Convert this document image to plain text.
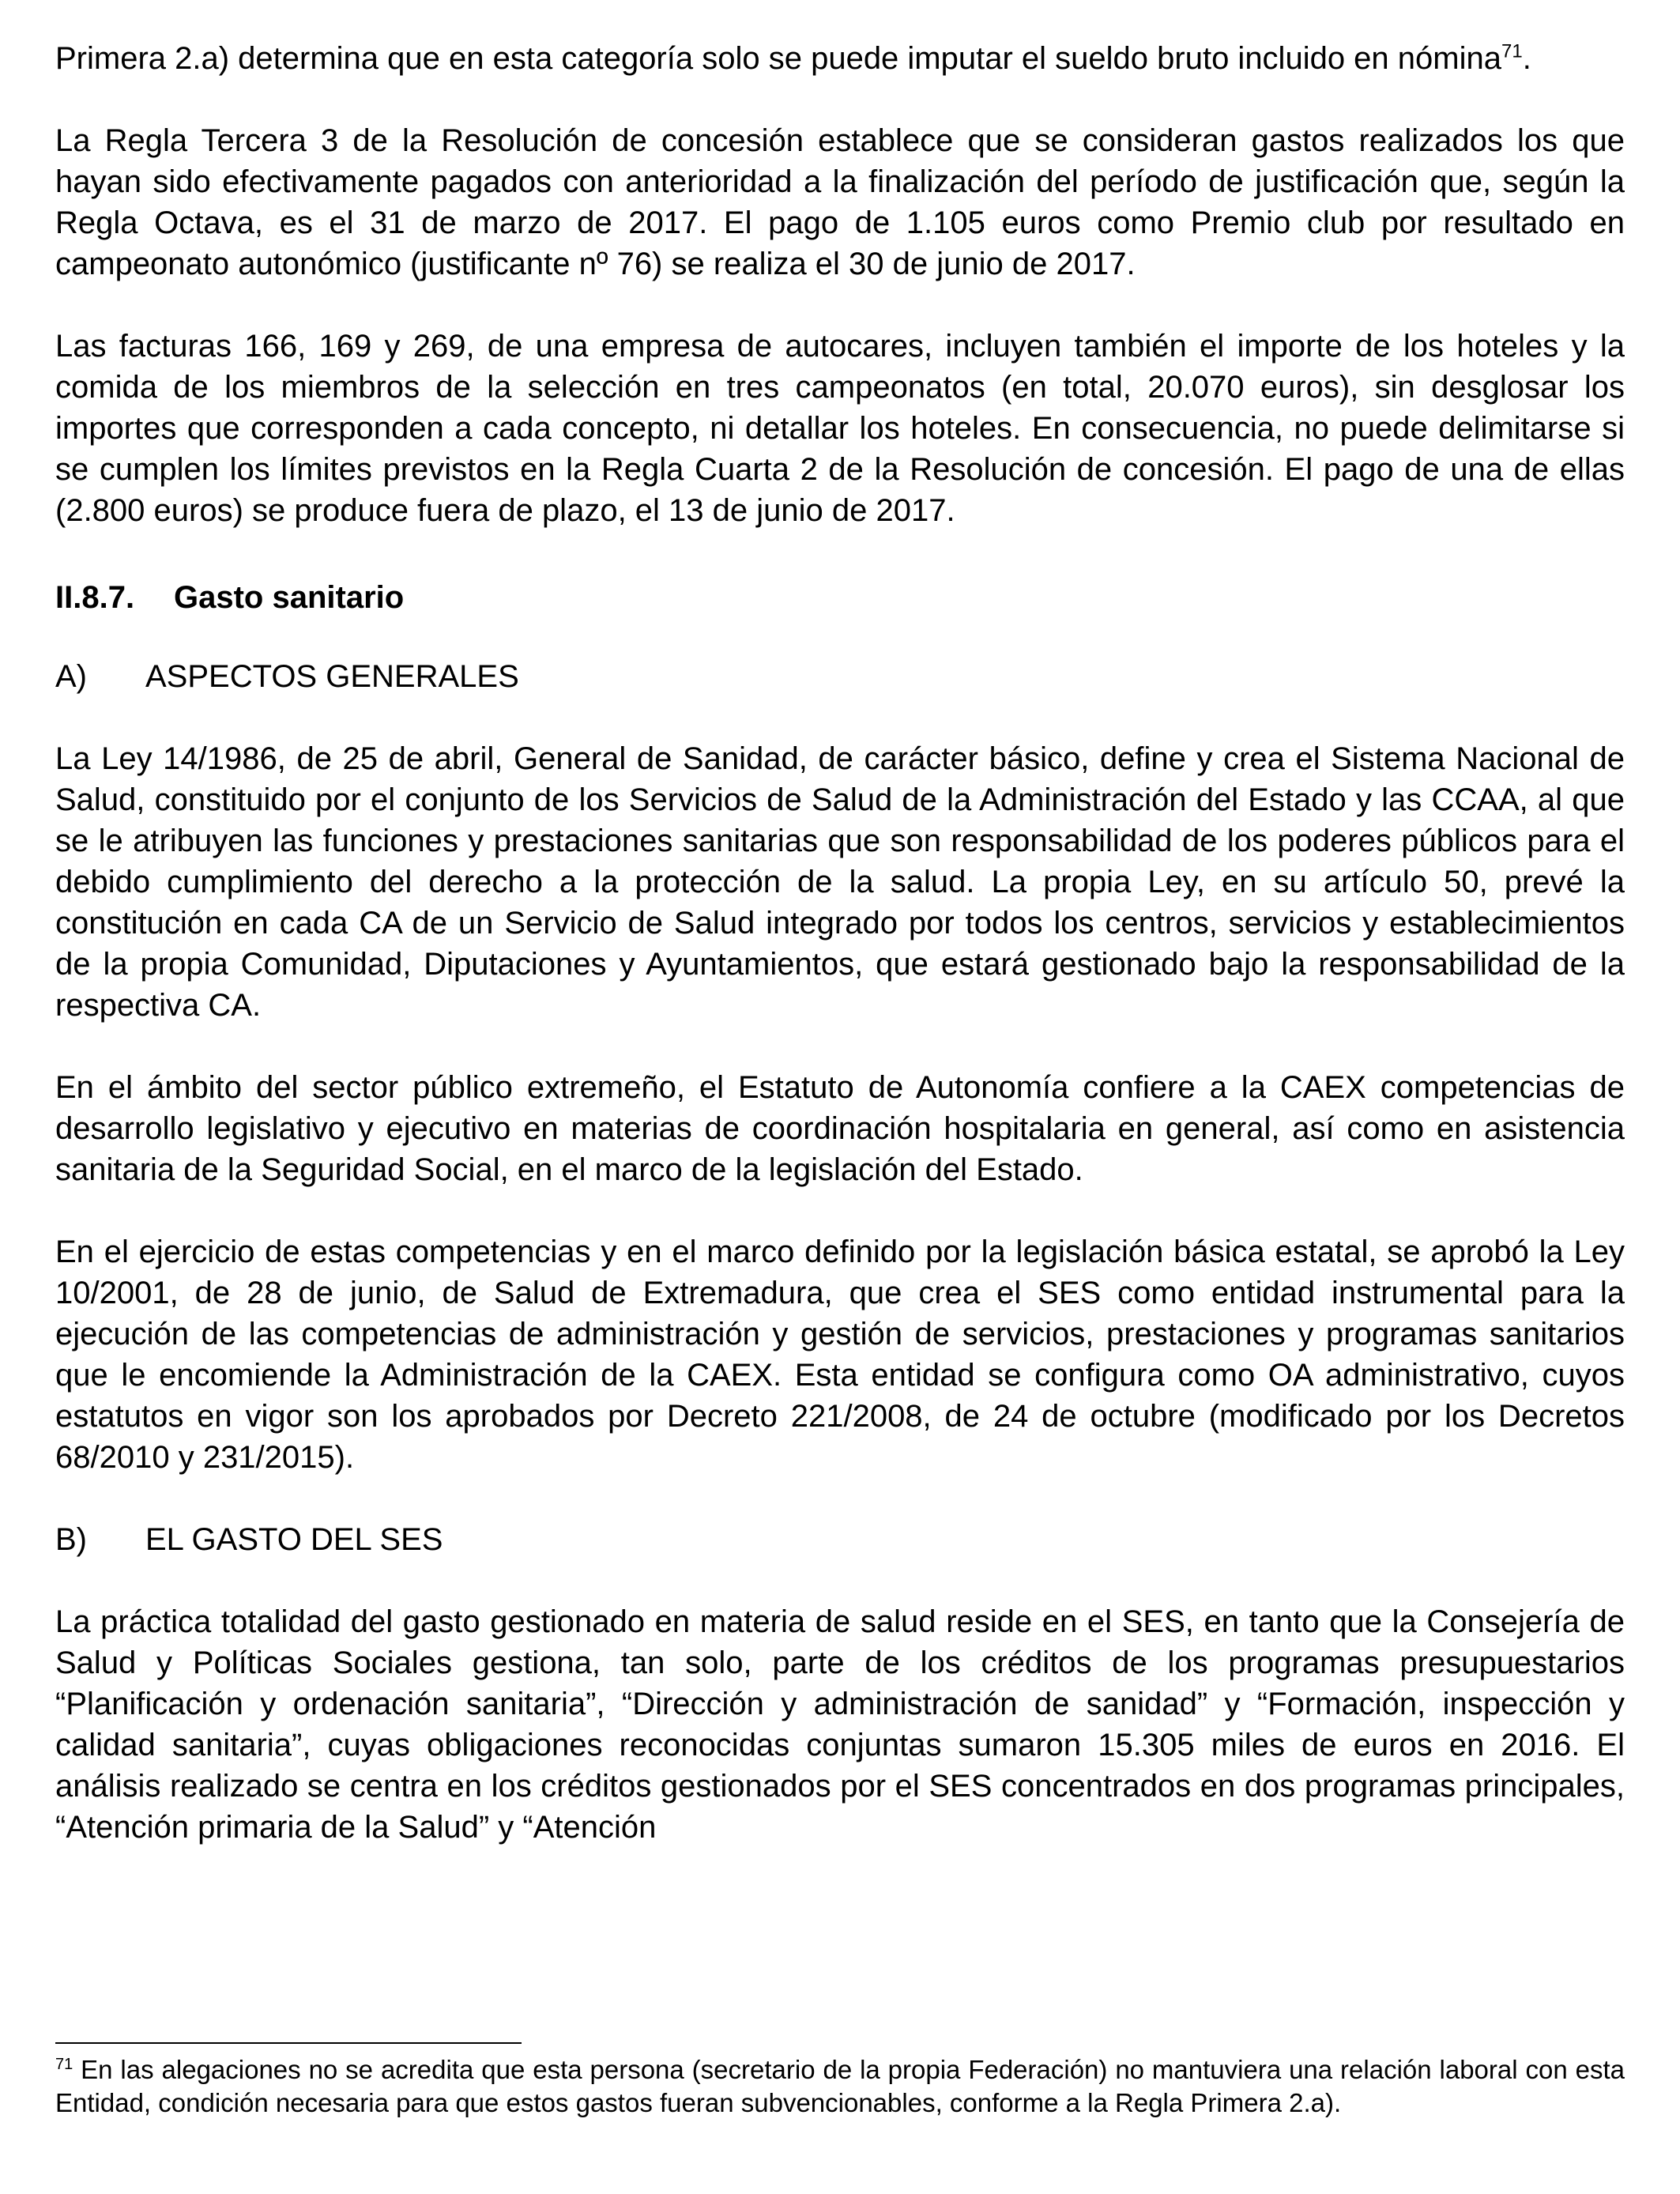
Primera 2.a) determina que en esta categoría solo se puede imputar el sueldo bruto incluido en nómina$^{71}$.

La Regla Tercera 3 de la Resolución de concesión establece que se consideran gastos realizados los que hayan sido efectivamente pagados con anterioridad a la finalización del período de justificación que, según la Regla Octava, es el 31 de marzo de 2017. El pago de 1.105 euros como Premio club por resultado en campeonato autonómico (justificante nº 76) se realiza el 30 de junio de 2017.

Las facturas 166, 169 y 269, de una empresa de autocares, incluyen también el importe de los hoteles y la comida de los miembros de la selección en tres campeonatos (en total, 20.070 euros), sin desglosar los importes que corresponden a cada concepto, ni detallar los hoteles. En consecuencia, no puede delimitarse si se cumplen los límites previstos en la Regla Cuarta 2 de la Resolución de concesión. El pago de una de ellas (2.800 euros) se produce fuera de plazo, el 13 de junio de 2017.

II.8.7. Gasto sanitario

A) ASPECTOS GENERALES

La Ley 14/1986, de 25 de abril, General de Sanidad, de carácter básico, define y crea el Sistema Nacional de Salud, constituido por el conjunto de los Servicios de Salud de la Administración del Estado y las CCAA, al que se le atribuyen las funciones y prestaciones sanitarias que son responsabilidad de los poderes públicos para el debido cumplimiento del derecho a la protección de la salud. La propia Ley, en su artículo 50, prevé la constitución en cada CA de un Servicio de Salud integrado por todos los centros, servicios y establecimientos de la propia Comunidad, Diputaciones y Ayuntamientos, que estará gestionado bajo la responsabilidad de la respectiva CA.

En el ámbito del sector público extremeño, el Estatuto de Autonomía confiere a la CAEX competencias de desarrollo legislativo y ejecutivo en materias de coordinación hospitalaria en general, así como en asistencia sanitaria de la Seguridad Social, en el marco de la legislación del Estado.

En el ejercicio de estas competencias y en el marco definido por la legislación básica estatal, se aprobó la Ley 10/2001, de 28 de junio, de Salud de Extremadura, que crea el SES como entidad instrumental para la ejecución de las competencias de administración y gestión de servicios, prestaciones y programas sanitarios que le encomiende la Administración de la CAEX. Esta entidad se configura como OA administrativo, cuyos estatutos en vigor son los aprobados por Decreto 221/2008, de 24 de octubre (modificado por los Decretos 68/2010 y 231/2015).

B) EL GASTO DEL SES

La práctica totalidad del gasto gestionado en materia de salud reside en el SES, en tanto que la Consejería de Salud y Políticas Sociales gestiona, tan solo, parte de los créditos de los programas presupuestarios “Planificación y ordenación sanitaria”, “Dirección y administración de sanidad” y “Formación, inspección y calidad sanitaria”, cuyas obligaciones reconocidas conjuntas sumaron 15.305 miles de euros en 2016. El análisis realizado se centra en los créditos gestionados por el SES concentrados en dos programas principales, “Atención primaria de la Salud” y “Atención

$^{71}$ En las alegaciones no se acredita que esta persona (secretario de la propia Federación) no mantuviera una relación laboral con esta Entidad, condición necesaria para que estos gastos fueran subvencionables, conforme a la Regla Primera 2.a).
